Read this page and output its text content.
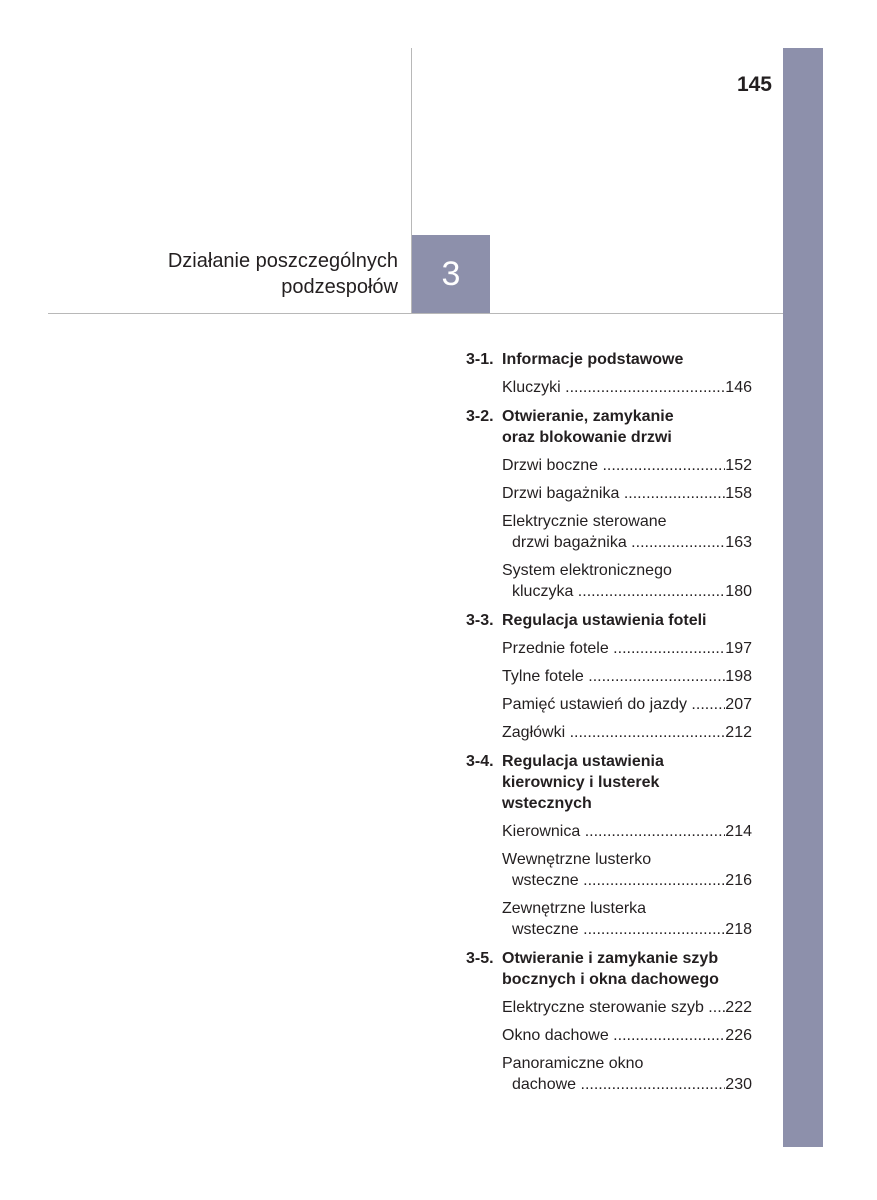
145
Działanie poszczególnych
podzespołów 3
3-1. Informacje podstawowe
Kluczyki .....	146
3-2. Otwieranie, zamykanie
oraz blokowanie drzwi
Drzwi boczne .....	152
Drzwi bagażnika .....	158
Elektrycznie sterowane
drzwi bagażnika .....	163
System elektronicznego
kluczyka .....	180
3-3. Regulacja ustawienia foteli
Przednie fotele .....	197
Tylne fotele .....	198
Pamięć ustawień do jazdy .....	207
Zagłówki .....	212
3-4. Regulacja ustawienia
kierownicy i lusterek
wstecznych
Kierownica .....	214
Wewnętrzne lusterko
wsteczne .....	216
Zewnętrzne lusterka
wsteczne .....	218
3-5. Otwieranie i zamykanie szyb
bocznych i okna dachowego
Elektryczne sterowanie szyb .....	222
Okno dachowe .....	226
Panoramiczne okno
dachowe .....	230
